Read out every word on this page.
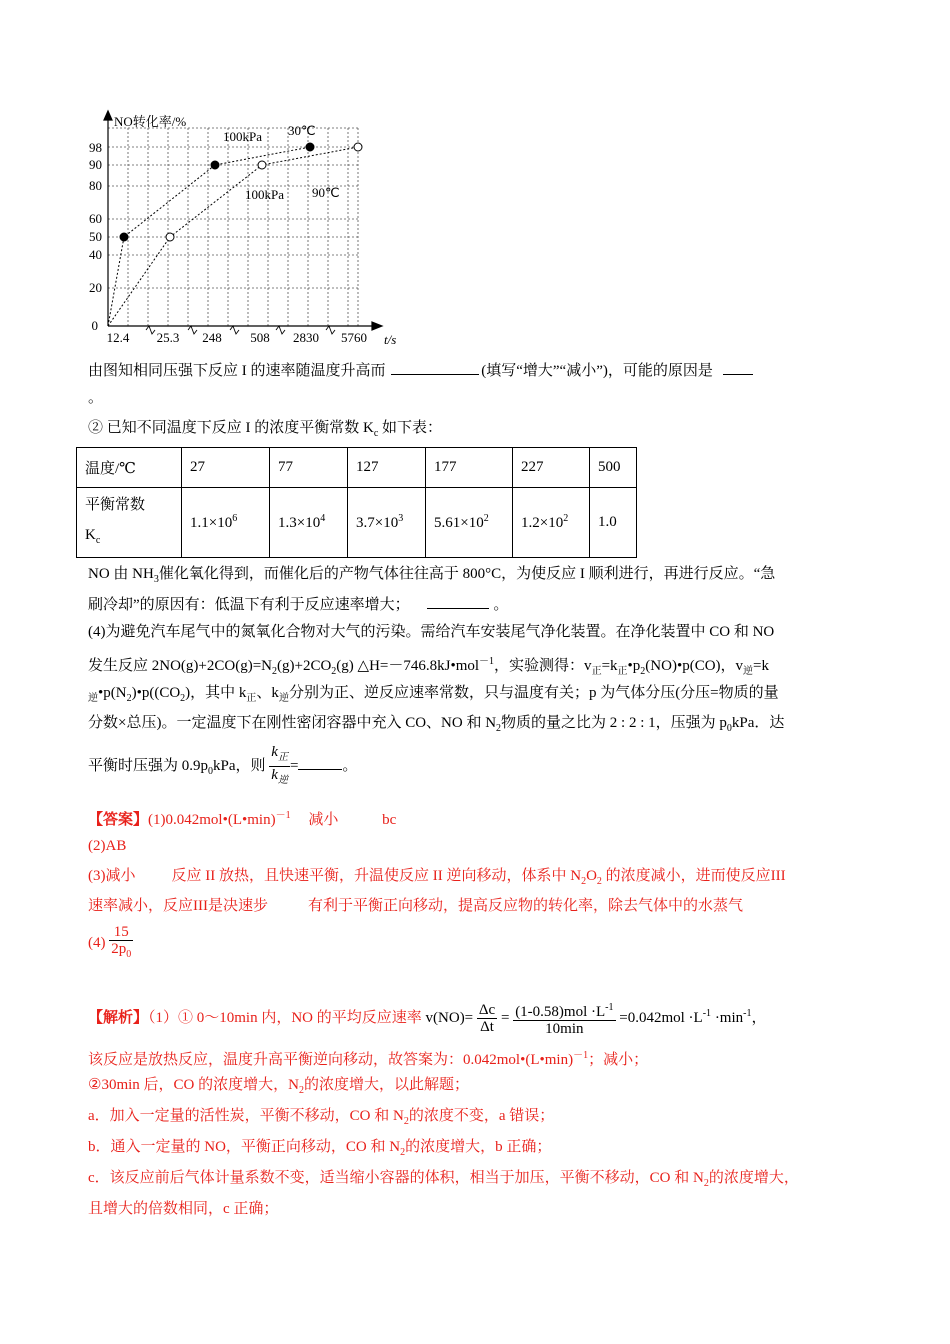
NO转化率/%
t/s
98
90
80
60
50
40
20
0
12.4 25.3 248 508 2830 5760
100kPa 30℃
100kPa 90℃
由图知相同压强下反应 I 的速率随温度升高而	(填写“增大”“减小”)，可能的原因是
。
② 已知不同温度下反应 I 的浓度平衡常数 $K_c$ 如下表：
温度/℃	27	77	127	177	227	500
平衡常数
$K_c$	$1.1\times 10^6$	$1.3\times 10^4$	$3.7\times 10^3$	$5.61\times 10^2$	$1.2\times 10^2$	1.0
NO 由 $NH_3$催化氧化得到，而催化后的产物气体往往高于 800°C，为使反应 I 顺利进行，再进行反应。“急
刷冷却”的原因有：低温下有利于反应速率增大；	。
(4)为避免汽车尾气中的氮氧化合物对大气的污染。需给汽车安装尾气净化装置。在净化装置中 CO 和 NO
发生反应 $2NO(g)+2CO(g)=N_2(g)+2CO_2(g)$ △H=－746.8kJ•mol$^{-1}$，实验测得：$v_正=k_正•p_2(NO)•p(CO)$，$v_逆=k$
$_逆•p(N_2)•p((CO_2)$，其中 $k_正$、$k_逆$分别为正、逆反应速率常数，只与温度有关；p 为气体分压(分压=物质的量
分数×总压)。一定温度下在刚性密闭容器中充入 CO、NO 和 $N_2$物质的量之比为 2 : 2 : 1，压强为 $p_0kPa$．达
平衡时压强为 $0.9p_0kPa$，则 $\frac{k_正}{k_逆}$ =	。
【答案】(1)0.042mol•(L•min)$^{-1}$ 减小	bc
(2)AB
(3)减小 反应 II 放热，且快速平衡，升温使反应 II 逆向移动，体系中 $N_2O_2$ 的浓度减小，进而使反应III
速率减小，反应III是决速步	有利于平衡正向移动，提高反应物的转化率，除去气体中的水蒸气
$(4) \frac{15}{2p_0}$
【解析】（1）① 0～10min 内，NO 的平均反应速率 $v(NO)= \frac{\Delta c}{\Delta t} = \frac{(1-0.58)mol \cdot L^{-1}}{10\min} =0.042mol \cdot L^{-1} \cdot\min^{-1}$，
该反应是放热反应，温度升高平衡逆向移动，故答案为：0.042mol•(L•min)$^{-1}$；减小；
②30min 后，CO 的浓度增大，$N_2$的浓度增大，以此解题；
a．加入一定量的活性炭，平衡不移动，CO 和 $N_2$的浓度不变，a 错误；
b．通入一定量的 NO，平衡正向移动，CO 和 $N_2$的浓度增大，b 正确；
c．该反应前后气体计量系数不变，适当缩小容器的体积，相当于加压，平衡不移动，CO 和 $N_2$的浓度增大，
且增大的倍数相同，c 正确；
